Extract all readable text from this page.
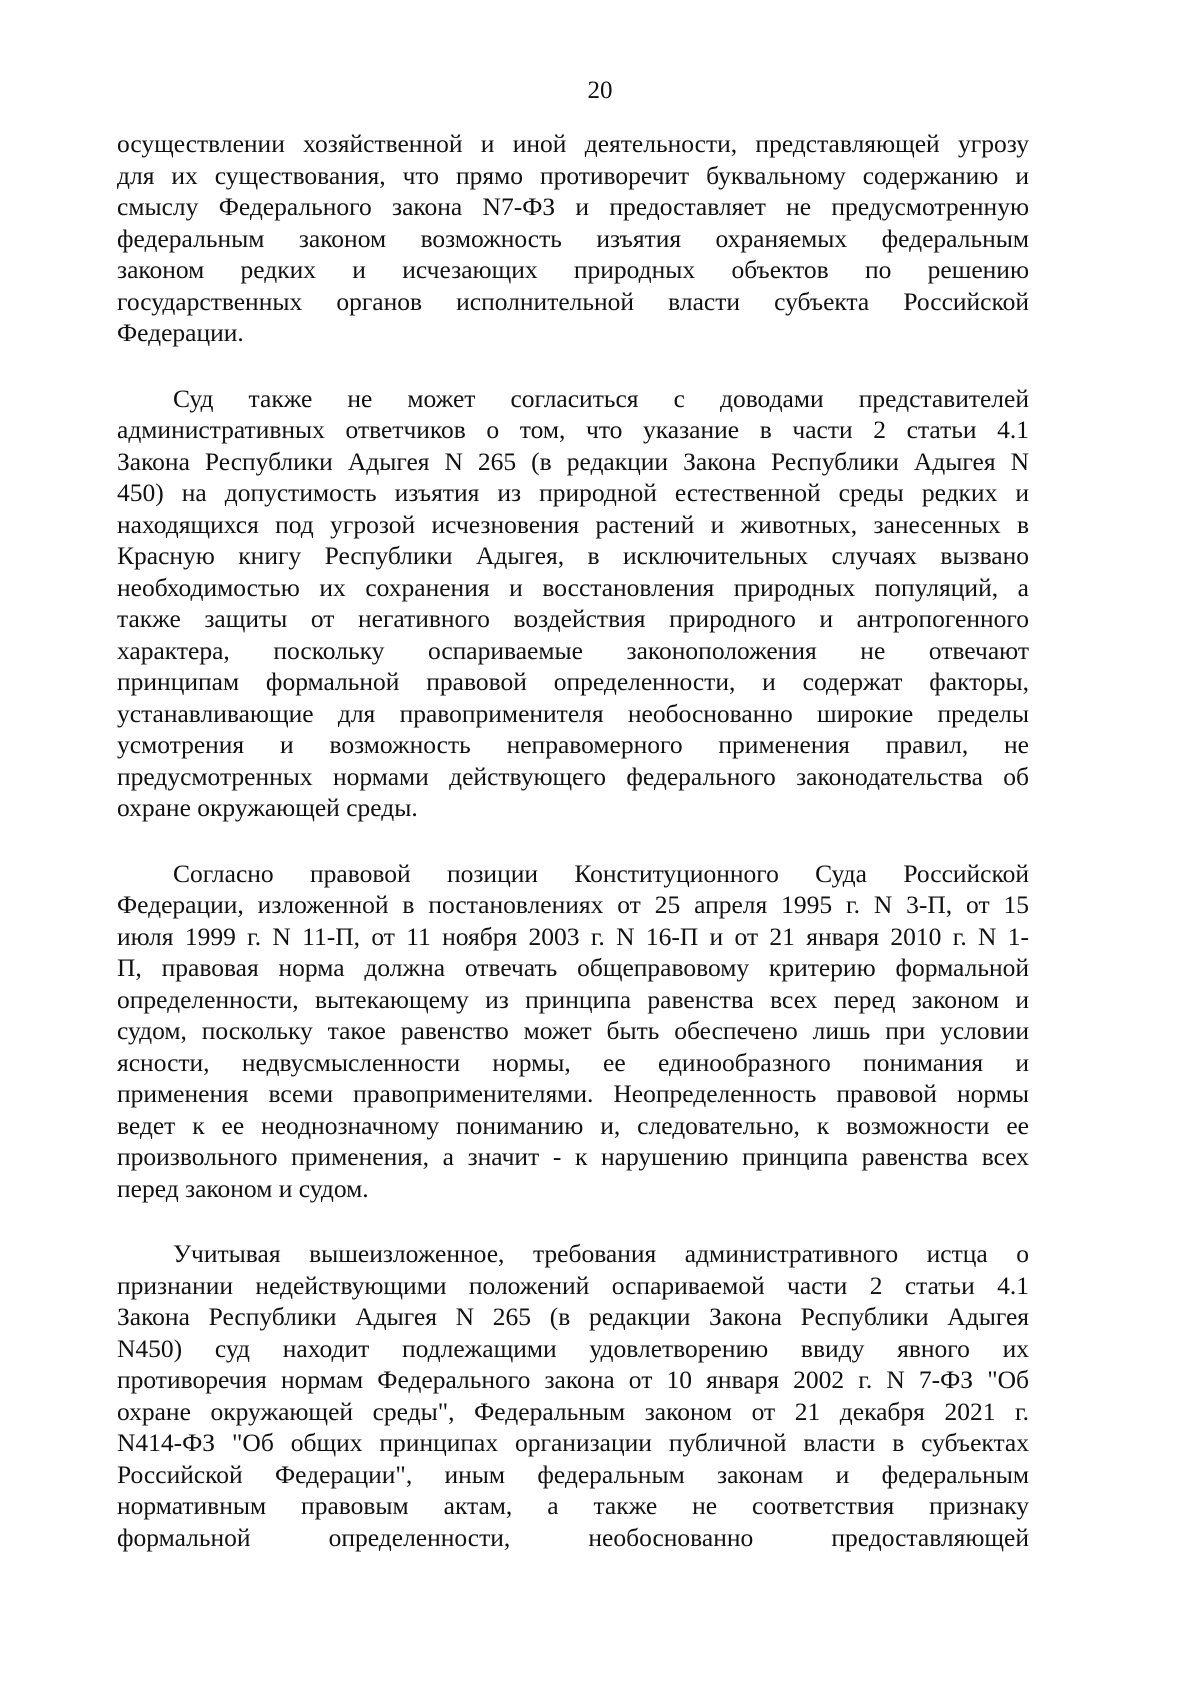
20
осуществлении хозяйственной и иной деятельности, представляющей угрозу
для их существования, что прямо противоречит буквальному содержанию и
смыслу Федерального закона N7-ФЗ и предоставляет не предусмотренную
федеральным законом возможность изъятия охраняемых федеральным
законом редких и исчезающих природных объектов по решению
государственных органов исполнительной власти субъекта Российской
Федерации.
Суд также не может согласиться с доводами представителей
административных ответчиков о том, что указание в части 2 статьи 4.1
Закона Республики Адыгея N 265 (в редакции Закона Республики Адыгея N
450) на допустимость изъятия из природной естественной среды редких и
находящихся под угрозой исчезновения растений и животных, занесенных в
Красную книгу Республики Адыгея, в исключительных случаях вызвано
необходимостью их сохранения и восстановления природных популяций, а
также защиты от негативного воздействия природного и антропогенного
характера, поскольку оспариваемые законоположения не отвечают
принципам формальной правовой определенности, и содержат факторы,
устанавливающие для правоприменителя необоснованно широкие пределы
усмотрения и возможность неправомерного применения правил, не
предусмотренных нормами действующего федерального законодательства об
охране окружающей среды.
Согласно правовой позиции Конституционного Суда Российской
Федерации, изложенной в постановлениях от 25 апреля 1995 г. N 3-П, от 15
июля 1999 г. N 11-П, от 11 ноября 2003 г. N 16-П и от 21 января 2010 г. N 1-
П, правовая норма должна отвечать общеправовому критерию формальной
определенности, вытекающему из принципа равенства всех перед законом и
судом, поскольку такое равенство может быть обеспечено лишь при условии
ясности, недвусмысленности нормы, ее единообразного понимания и
применения всеми правоприменителями. Неопределенность правовой нормы
ведет к ее неоднозначному пониманию и, следовательно, к возможности ее
произвольного применения, а значит - к нарушению принципа равенства всех
перед законом и судом.
Учитывая вышеизложенное, требования административного истца о
признании недействующими положений оспариваемой части 2 статьи 4.1
Закона Республики Адыгея N 265 (в редакции Закона Республики Адыгея
N450) суд находит подлежащими удовлетворению ввиду явного их
противоречия нормам Федерального закона от 10 января 2002 г. N 7-ФЗ "Об
охране окружающей среды", Федеральным законом от 21 декабря 2021 г.
N414-ФЗ "Об общих принципах организации публичной власти в субъектах
Российской Федерации", иным федеральным законам и федеральным
нормативным правовым актам, а также не соответствия признаку
формальной определенности, необоснованно предоставляющей
